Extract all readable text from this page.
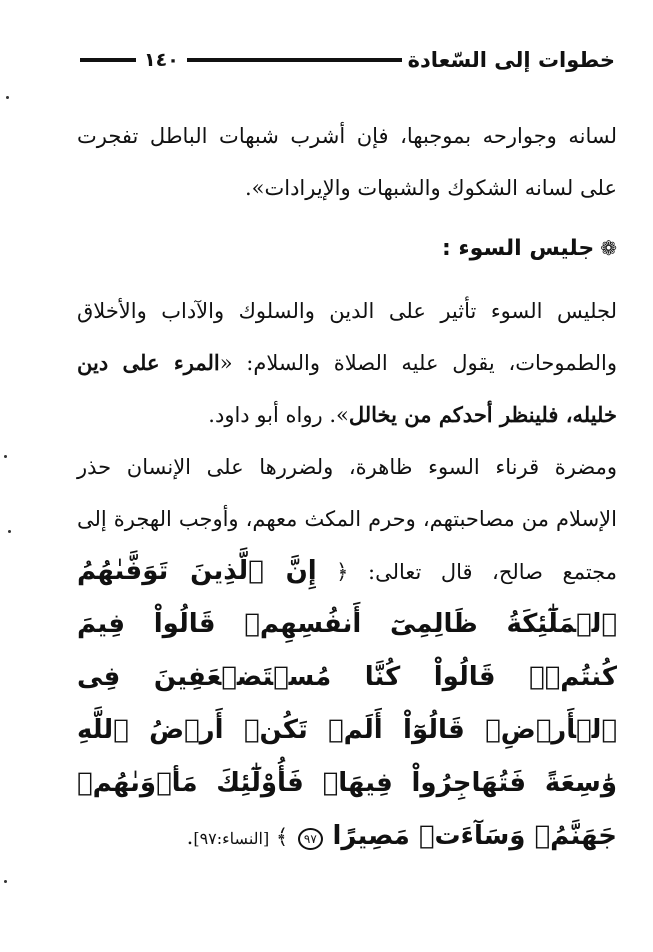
خطوات إلى السّعادة
١٤٠

لسانه وجوارحه بموجبها، فإن أشرب شبهات الباطل تفجرت على لسانه الشكوك والشبهات والإيرادات».

❁جليس السوء :

لجليس السوء تأثير على الدين والسلوك والآداب والأخلاق والطموحات، يقول عليه الصلاة والسلام: «المرء على دين خليله، فلينظر أحدكم من يخالل». رواه أبو داود.

ومضرة قرناء السوء ظاهرة، ولضررها على الإنسان حذر الإسلام من مصاحبتهم، وحرم المكث معهم، وأوجب الهجرة إلى مجتمع صالح، قال تعالى: ﴿ إِنَّ ٱلَّذِينَ تَوَفَّىٰهُمُ ٱلۡمَلَٰٓئِكَةُ ظَالِمِىٓ أَنفُسِهِمۡ قَالُواْ فِيمَ كُنتُمۡۖ قَالُواْ كُنَّا مُسۡتَضۡعَفِينَ فِى ٱلۡأَرۡضِۚ قَالُوٓاْ أَلَمۡ تَكُنۡ أَرۡضُ ٱللَّهِ وَٰسِعَةً فَتُهَاجِرُواْ فِيهَاۚ فَأُوْلَٰٓئِكَ مَأۡوَىٰهُمۡ جَهَنَّمُۖ وَسَآءَتۡ مَصِيرًا ٩٧ ﴾ [النساء:٩٧].
